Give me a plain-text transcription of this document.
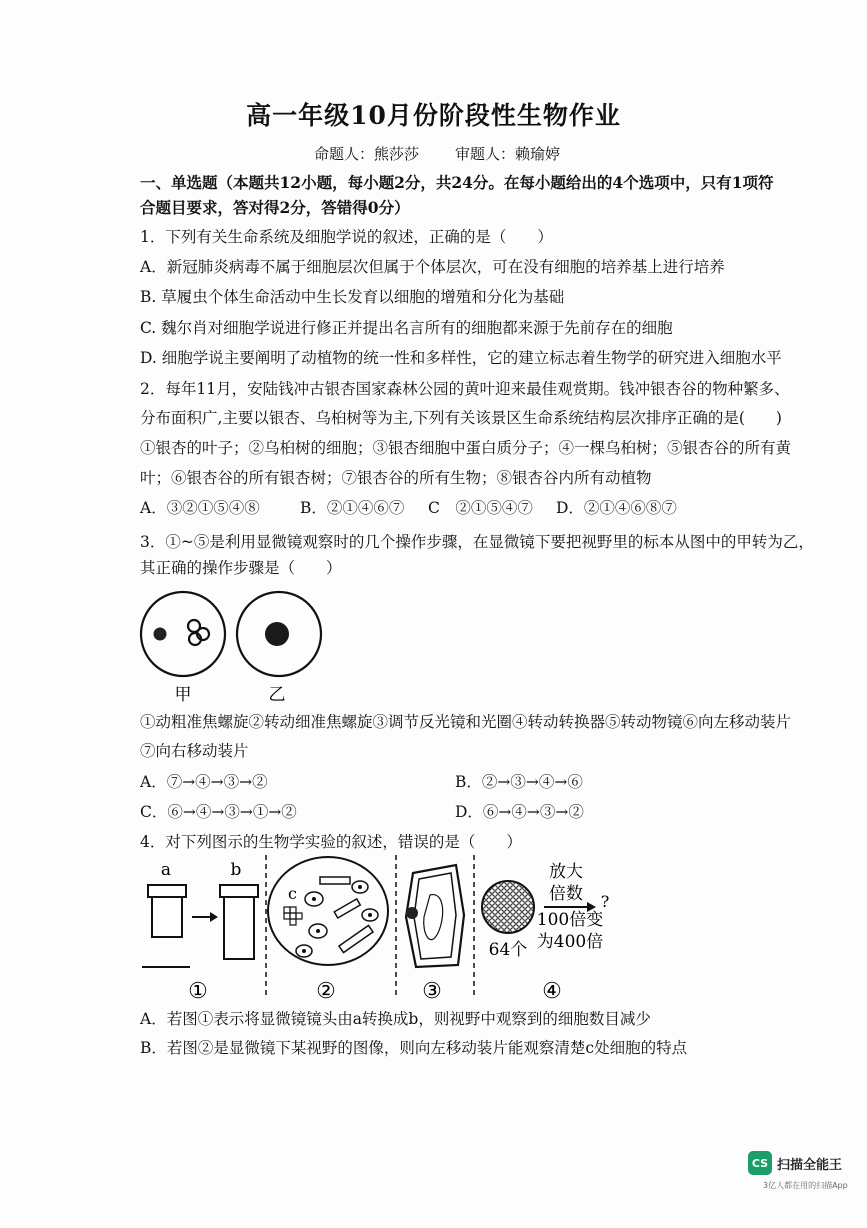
高一年级10月份阶段性生物作业
命题人：熊莎莎 审题人：赖瑜婷
一、单选题（本题共12小题，每小题2分，共24分。在每小题给出的4个选项中，只有1项符
合题目要求，答对得2分，答错得0分）
1．下列有关生命系统及细胞学说的叙述，正确的是（　　）
A．新冠肺炎病毒不属于细胞层次但属于个体层次，可在没有细胞的培养基上进行培养
B. 草履虫个体生命活动中生长发育以细胞的增殖和分化为基础
C. 魏尔肖对细胞学说进行修正并提出名言所有的细胞都来源于先前存在的细胞
D. 细胞学说主要阐明了动植物的统一性和多样性，它的建立标志着生物学的研究进入细胞水平
2．每年11月，安陆钱冲古银杏国家森林公园的黄叶迎来最佳观赏期。钱冲银杏谷的物种繁多、
分布面积广,主要以银杏、乌桕树等为主,下列有关该景区生命系统结构层次排序正确的是(　　)
①银杏的叶子；②乌桕树的细胞；③银杏细胞中蛋白质分子；④一棵乌桕树；⑤银杏谷的所有黄
叶；⑥银杏谷的所有银杏树；⑦银杏谷的所有生物；⑧银杏谷内所有动植物
A．③②①⑤④⑧	B．②①④⑥⑦ C　②①⑤④⑦ D．②①④⑥⑧⑦
3．①~⑤是利用显微镜观察时的几个操作步骤，在显微镜下要把视野里的标本从图中的甲转为乙，
其正确的操作步骤是（　　）
甲	乙
①动粗准焦螺旋②转动细准焦螺旋③调节反光镜和光圈④转动转换器⑤转动物镜⑥向左移动装片
⑦向右移动装片
A．⑦→④→③→②	B．②→③→④→⑥
C．⑥→④→③→①→②	D．⑥→④→③→②
4．对下列图示的生物学实验的叙述，错误的是（　　）
a	b
①
c
②	③
64个
放大
倍数 ?
100倍变
为400倍
④
A．若图①表示将显微镜镜头由a转换成b，则视野中观察到的细胞数目减少
B．若图②是显微镜下某视野的图像，则向左移动装片能观察清楚c处细胞的特点
CS 扫描全能王
3亿人都在用的扫描App
